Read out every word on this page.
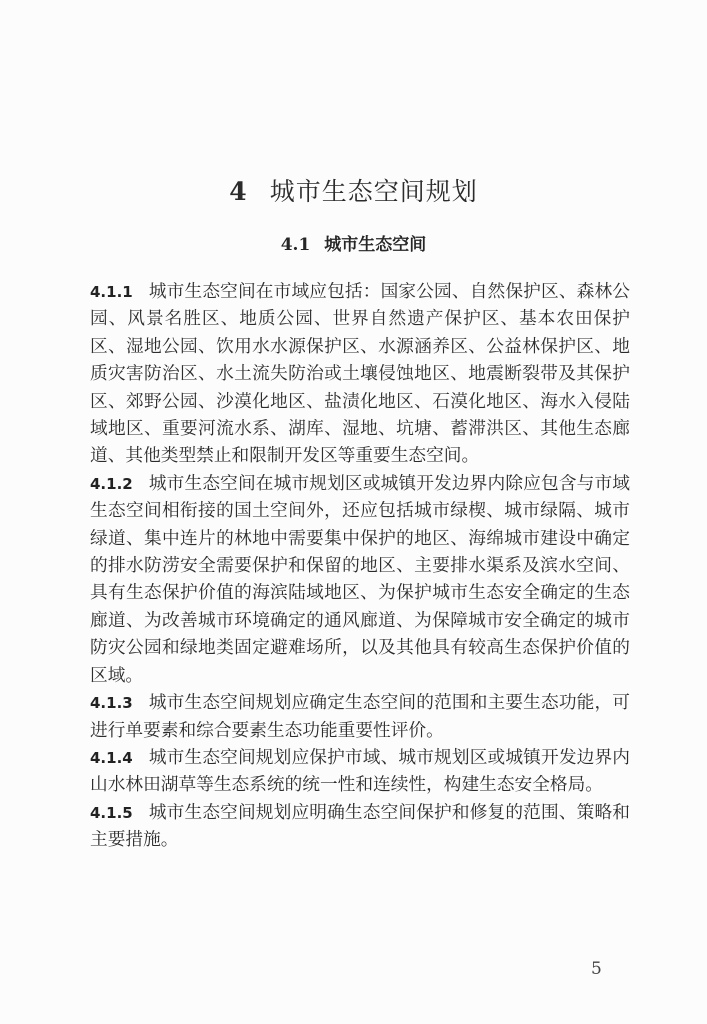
4 城市生态空间规划
4.1 城市生态空间

4.1.1 城市生态空间在市域应包括：国家公园、自然保护区、森林公园、风景名胜区、地质公园、世界自然遗产保护区、基本农田保护区、湿地公园、饮用水水源保护区、水源涵养区、公益林保护区、地质灾害防治区、水土流失防治或土壤侵蚀地区、地震断裂带及其保护区、郊野公园、沙漠化地区、盐渍化地区、石漠化地区、海水入侵陆域地区、重要河流水系、湖库、湿地、坑塘、蓄滞洪区、其他生态廊道、其他类型禁止和限制开发区等重要生态空间。

4.1.2 城市生态空间在城市规划区或城镇开发边界内除应包含与市域生态空间相衔接的国土空间外，还应包括城市绿楔、城市绿隔、城市绿道、集中连片的林地中需要集中保护的地区、海绵城市建设中确定的排水防涝安全需要保护和保留的地区、主要排水渠系及滨水空间、具有生态保护价值的海滨陆域地区、为保护城市生态安全确定的生态廊道、为改善城市环境确定的通风廊道、为保障城市安全确定的城市防灾公园和绿地类固定避难场所，以及其他具有较高生态保护价值的区域。

4.1.3 城市生态空间规划应确定生态空间的范围和主要生态功能，可进行单要素和综合要素生态功能重要性评价。

4.1.4 城市生态空间规划应保护市域、城市规划区或城镇开发边界内山水林田湖草等生态系统的统一性和连续性，构建生态安全格局。

4.1.5 城市生态空间规划应明确生态空间保护和修复的范围、策略和主要措施。

5
